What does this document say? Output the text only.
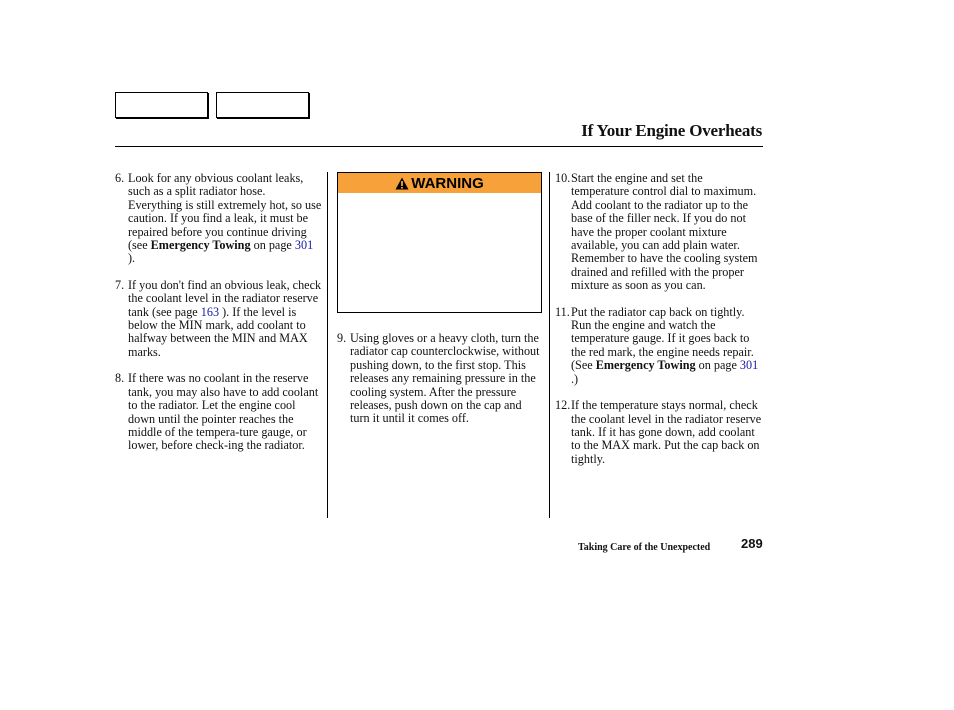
If Your Engine Overheats
6. Look for any obvious coolant leaks, such as a split radiator hose. Everything is still extremely hot, so use caution. If you find a leak, it must be repaired before you continue driving (see Emergency Towing on page 301 ).
7. If you don't find an obvious leak, check the coolant level in the radiator reserve tank (see page 163 ). If the level is below the MIN mark, add coolant to halfway between the MIN and MAX marks.
8. If there was no coolant in the reserve tank, you may also have to add coolant to the radiator. Let the engine cool down until the pointer reaches the middle of the tempera-ture gauge, or lower, before check-ing the radiator.
WARNING
9. Using gloves or a heavy cloth, turn the radiator cap counterclockwise, without pushing down, to the first stop. This releases any remaining pressure in the cooling system. After the pressure releases, push down on the cap and turn it until it comes off.
10. Start the engine and set the temperature control dial to maximum. Add coolant to the radiator up to the base of the filler neck. If you do not have the proper coolant mixture available, you can add plain water. Remember to have the cooling system drained and refilled with the proper mixture as soon as you can.
11. Put the radiator cap back on tightly. Run the engine and watch the temperature gauge. If it goes back to the red mark, the engine needs repair. (See Emergency Towing on page 301 .)
12. If the temperature stays normal, check the coolant level in the radiator reserve tank. If it has gone down, add coolant to the MAX mark. Put the cap back on tightly.
Taking Care of the Unexpected 289
